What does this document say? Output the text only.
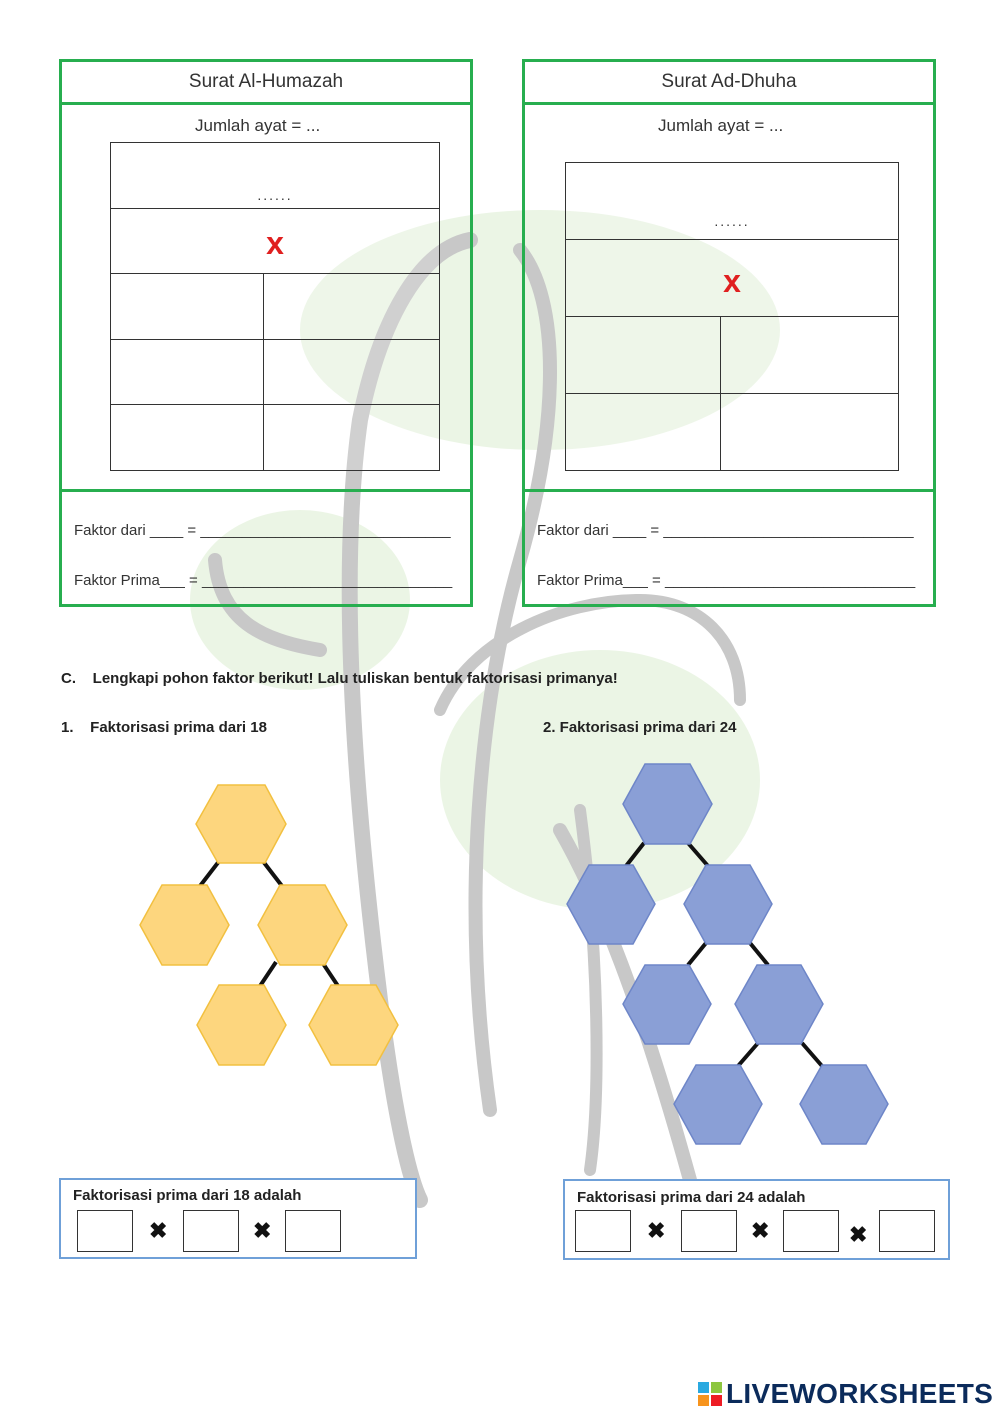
Surat Al-Humazah
Jumlah ayat = ...
......
x
Faktor dari ____ = ______________________________
Faktor Prima___ = ______________________________
Surat Ad-Dhuha
Jumlah ayat = ...
......
x
Faktor dari ____ = ______________________________
Faktor Prima___ = ______________________________
C.    Lengkapi pohon faktor berikut! Lalu tuliskan bentuk faktorisasi primanya!
1.    Faktorisasi prima dari 18	2. Faktorisasi prima dari 24
Faktorisasi prima dari 18 adalah
✖	✖
Faktorisasi prima dari 24 adalah
✖	✖	✖
LIVEWORKSHEETS
